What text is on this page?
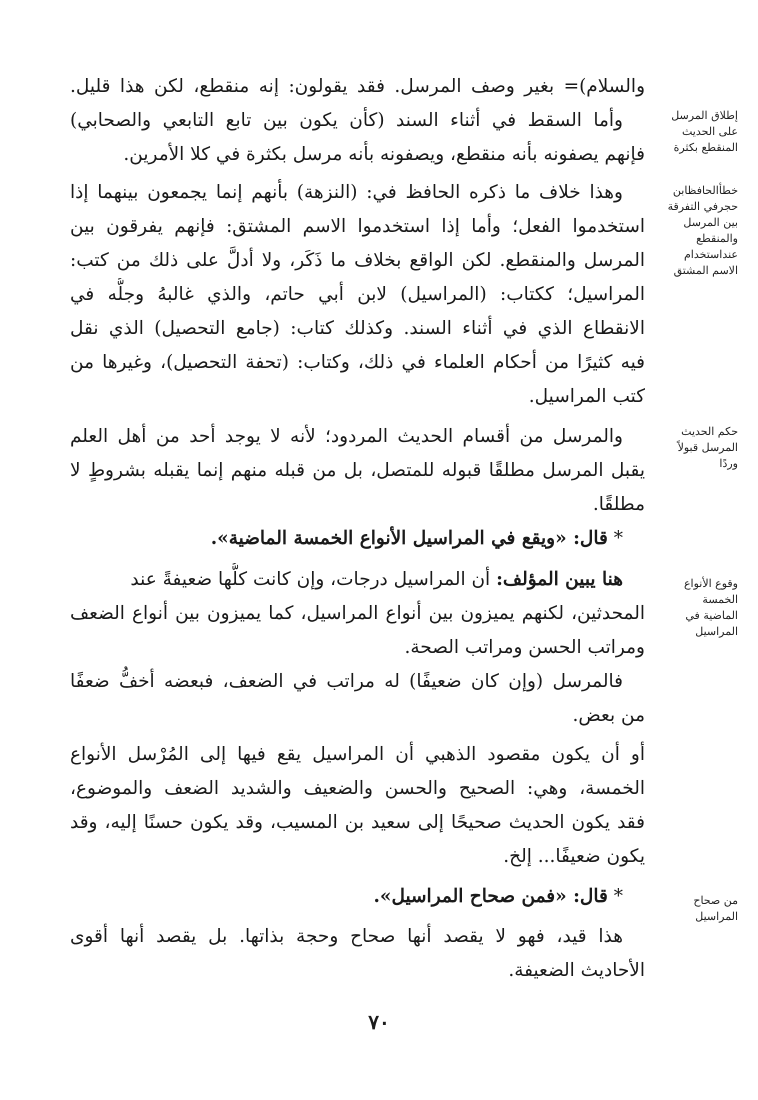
إطلاق المرسل
على الحديث
المنقطع بكثرة
خطأالحافظابن
حجرفي التفرقة
بين المرسل
والمنقطع
عنداستخدام
الاسم المشتق
حكم الحديث
المرسل قبولاً
وردًا
وقوع الأنواع
الخمسة
الماضية في
المراسيل
من صحاح
المراسيل
والسلام)= بغير وصف المرسل. فقد يقولون: إنه منقطع، لكن هذا قليل.
وأما السقط في أثناء السند (كأن يكون بين تابع التابعي والصحابي)
فإنهم يصفونه بأنه منقطع، ويصفونه بأنه مرسل بكثرة في كلا الأمرين.
وهذا خلاف ما ذكره الحافظ في: (النزهة) بأنهم إنما يجمعون بينهما إذا
استخدموا الفعل؛ وأما إذا استخدموا الاسم المشتق: فإنهم يفرقون بين
المرسل والمنقطع. لكن الواقع بخلاف ما ذَكَر، ولا أدلَّ على ذلك من كتب:
المراسيل؛ ككتاب: (المراسيل) لابن أبي حاتم، والذي غالبهُ وجلُّه في
الانقطاع الذي في أثناء السند. وكذلك كتاب: (جامع التحصيل) الذي نقل
فيه كثيرًا من أحكام العلماء في ذلك، وكتاب: (تحفة التحصيل)، وغيرها من
كتب المراسيل.
والمرسل من أقسام الحديث المردود؛ لأنه لا يوجد أحد من أهل العلم
يقبل المرسل مطلقًا قبوله للمتصل، بل من قبله منهم إنما يقبله بشروطٍ لا
مطلقًا.
* قال: «ويقع في المراسيل الأنواع الخمسة الماضية».
هنا يبين المؤلف: أن المراسيل درجات، وإن كانت كلُّها ضعيفةً عند
المحدثين، لكنهم يميزون بين أنواع المراسيل، كما يميزون بين أنواع الضعف
ومراتب الحسن ومراتب الصحة.
فالمرسل (وإن كان ضعيفًا) له مراتب في الضعف، فبعضه أخفُّ ضعفًا
من بعض.
أو أن يكون مقصود الذهبي أن المراسيل يقع فيها إلى المُرْسل الأنواع
الخمسة، وهي: الصحيح والحسن والضعيف والشديد الضعف والموضوع،
فقد يكون الحديث صحيحًا إلى سعيد بن المسيب، وقد يكون حسنًا إليه، وقد
يكون ضعيفًا... إلخ.
* قال: «فمن صحاح المراسيل».
هذا قيد، فهو لا يقصد أنها صحاح وحجة بذاتها. بل يقصد أنها أقوى
الأحاديث الضعيفة.
٧٠
